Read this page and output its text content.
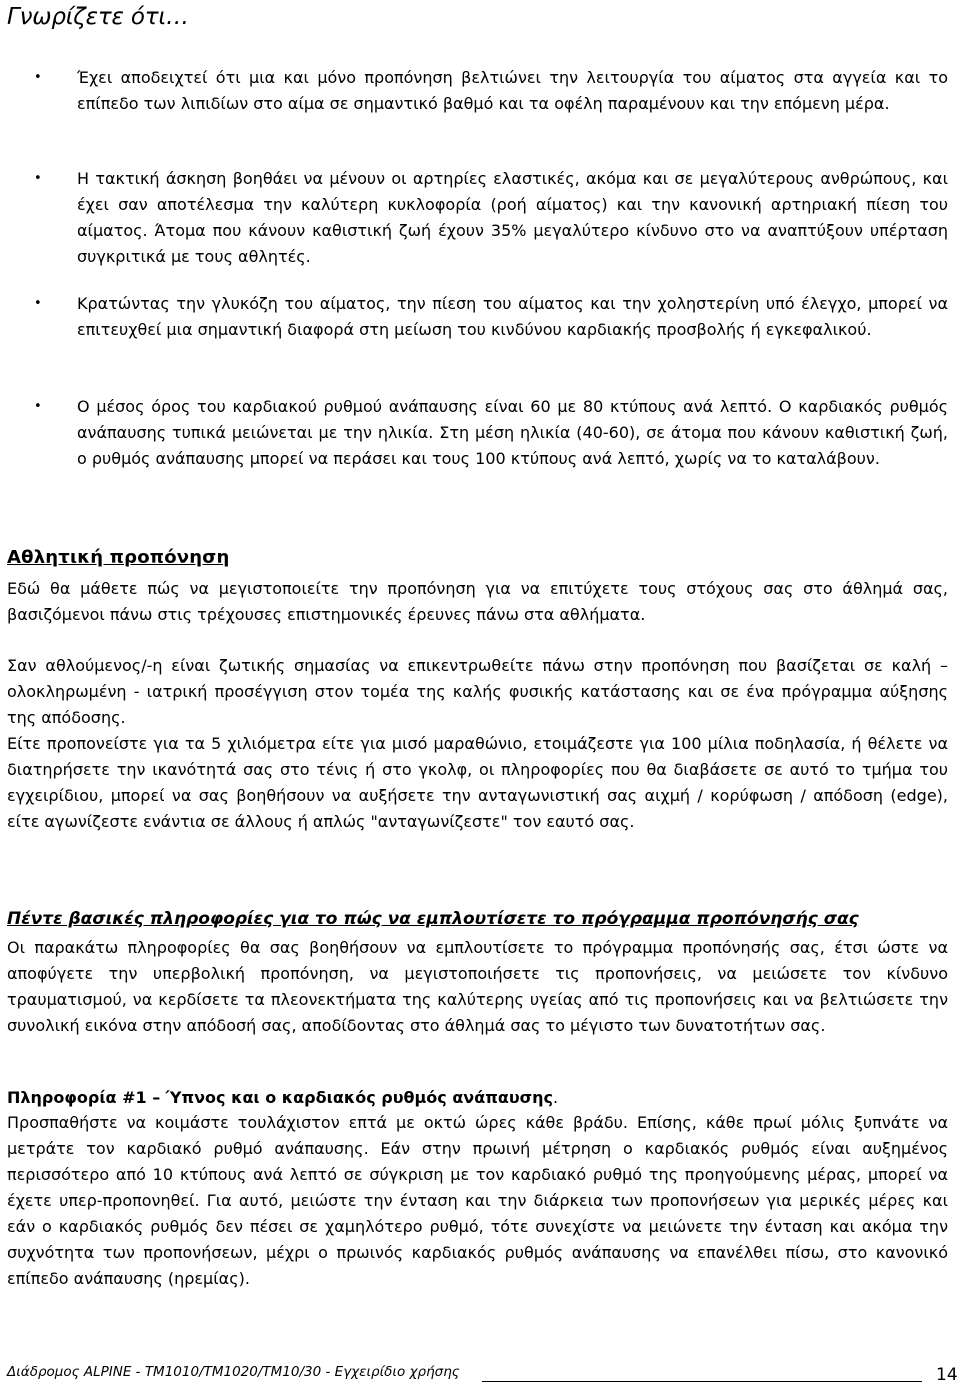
Γνωρίζετε ότι…

• Έχει αποδειχτεί ότι μια και μόνο προπόνηση βελτιώνει την λειτουργία του αίματος στα αγγεία και το επίπεδο των λιπιδίων στο αίμα σε σημαντικό βαθμό και τα οφέλη παραμένουν και την επόμενη μέρα.

• Η τακτική άσκηση βοηθάει να μένουν οι αρτηρίες ελαστικές, ακόμα και σε μεγαλύτερους ανθρώπους, και έχει σαν αποτέλεσμα την καλύτερη κυκλοφορία (ροή αίματος) και την κανονική αρτηριακή πίεση του αίματος. Άτομα που κάνουν καθιστική ζωή έχουν 35% μεγαλύτερο κίνδυνο στο να αναπτύξουν υπέρταση συγκριτικά με τους αθλητές.

• Κρατώντας την γλυκόζη του αίματος, την πίεση του αίματος και την χοληστερίνη υπό έλεγχο, μπορεί να επιτευχθεί μια σημαντική διαφορά στη μείωση του κινδύνου καρδιακής προσβολής ή εγκεφαλικού.

• Ο μέσος όρος του καρδιακού ρυθμού ανάπαυσης είναι 60 με 80 κτύπους ανά λεπτό. Ο καρδιακός ρυθμός ανάπαυσης τυπικά μειώνεται με την ηλικία. Στη μέση ηλικία (40-60), σε άτομα που κάνουν καθιστική ζωή, ο ρυθμός ανάπαυσης μπορεί να περάσει και τους 100 κτύπους ανά λεπτό, χωρίς να το καταλάβουν.

Αθλητική προπόνηση

Εδώ θα μάθετε πώς να μεγιστοποιείτε την προπόνηση για να επιτύχετε τους στόχους σας στο άθλημά σας, βασιζόμενοι πάνω στις τρέχουσες επιστημονικές έρευνες πάνω στα αθλήματα.

Σαν αθλούμενος/-η είναι ζωτικής σημασίας να επικεντρωθείτε πάνω στην προπόνηση που βασίζεται σε καλή – ολοκληρωμένη - ιατρική προσέγγιση στον τομέα της καλής φυσικής κατάστασης και σε ένα πρόγραμμα αύξησης της απόδοσης.

Είτε προπονείστε για τα 5 χιλιόμετρα είτε για μισό μαραθώνιο, ετοιμάζεστε για 100 μίλια ποδηλασία, ή θέλετε να διατηρήσετε την ικανότητά σας στο τένις ή στο γκολφ, οι πληροφορίες που θα διαβάσετε σε αυτό το τμήμα του εγχειρίδιου, μπορεί να σας βοηθήσουν να αυξήσετε την ανταγωνιστική σας αιχμή / κορύφωση / απόδοση (edge), είτε αγωνίζεστε ενάντια σε άλλους ή απλώς "ανταγωνίζεστε" τον εαυτό σας.

Πέντε βασικές πληροφορίες για το πώς να εμπλουτίσετε το πρόγραμμα προπόνησής σας

Οι παρακάτω πληροφορίες θα σας βοηθήσουν να εμπλουτίσετε το πρόγραμμα προπόνησής σας, έτσι ώστε να αποφύγετε την υπερβολική προπόνηση, να μεγιστοποιήσετε τις προπονήσεις, να μειώσετε τον κίνδυνο τραυματισμού, να κερδίσετε τα πλεονεκτήματα της καλύτερης υγείας από τις προπονήσεις και να βελτιώσετε την συνολική εικόνα στην απόδοσή σας, αποδίδοντας στο άθλημά σας το μέγιστο των δυνατοτήτων σας.

Πληροφορία #1 – Ύπνος και ο καρδιακός ρυθμός ανάπαυσης.

Προσπαθήστε να κοιμάστε τουλάχιστον επτά με οκτώ ώρες κάθε βράδυ. Επίσης, κάθε πρωί μόλις ξυπνάτε να μετράτε τον καρδιακό ρυθμό ανάπαυσης. Εάν στην πρωινή μέτρηση ο καρδιακός ρυθμός είναι αυξημένος περισσότερο από 10 κτύπους ανά λεπτό σε σύγκριση με τον καρδιακό ρυθμό της προηγούμενης μέρας, μπορεί να έχετε υπερ-προπονηθεί. Για αυτό, μειώστε την ένταση και την διάρκεια των προπονήσεων για μερικές μέρες και εάν ο καρδιακός ρυθμός δεν πέσει σε χαμηλότερο ρυθμό, τότε συνεχίστε να μειώνετε την ένταση και ακόμα την συχνότητα των προπονήσεων, μέχρι ο πρωινός καρδιακός ρυθμός ανάπαυσης να επανέλθει πίσω, στο κανονικό επίπεδο ανάπαυσης (ηρεμίας).

Διάδρομος ALPINE - TM1010/TM1020/TM10/30 - Εγχειρίδιο χρήσης	14
